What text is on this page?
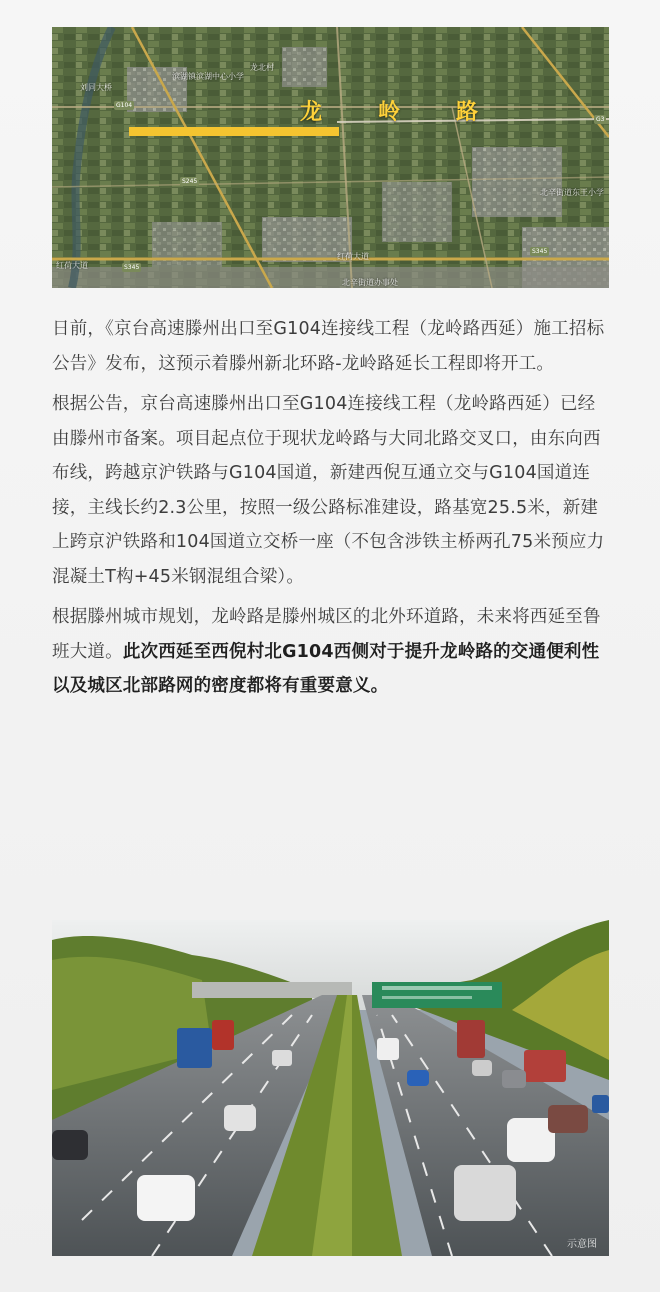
龙岭路
刘同大桥
滨湖镇滨湖中心小学
龙北村
北辛街道东王小学
红荷大道
红荷大道
北辛街道办事处
G104
S245
G3
S345
S345

日前，《京台高速滕州出口至G104连接线工程（龙岭路西延）施工招标公告》发布，这预示着滕州新北环路-龙岭路延长工程即将开工。

根据公告，京台高速滕州出口至G104连接线工程（龙岭路西延）已经由滕州市备案。项目起点位于现状龙岭路与大同北路交叉口，由东向西布线，跨越京沪铁路与G104国道，新建西倪互通立交与G104国道连接，主线长约2.3公里，按照一级公路标准建设，路基宽25.5米，新建上跨京沪铁路和104国道立交桥一座（不包含涉铁主桥两孔75米预应力混凝土T构+45米钢混组合梁）。

根据滕州城市规划，龙岭路是滕州城区的北外环道路，未来将西延至鲁班大道。此次西延至西倪村北G104西侧对于提升龙岭路的交通便利性以及城区北部路网的密度都将有重要意义。

示意图
